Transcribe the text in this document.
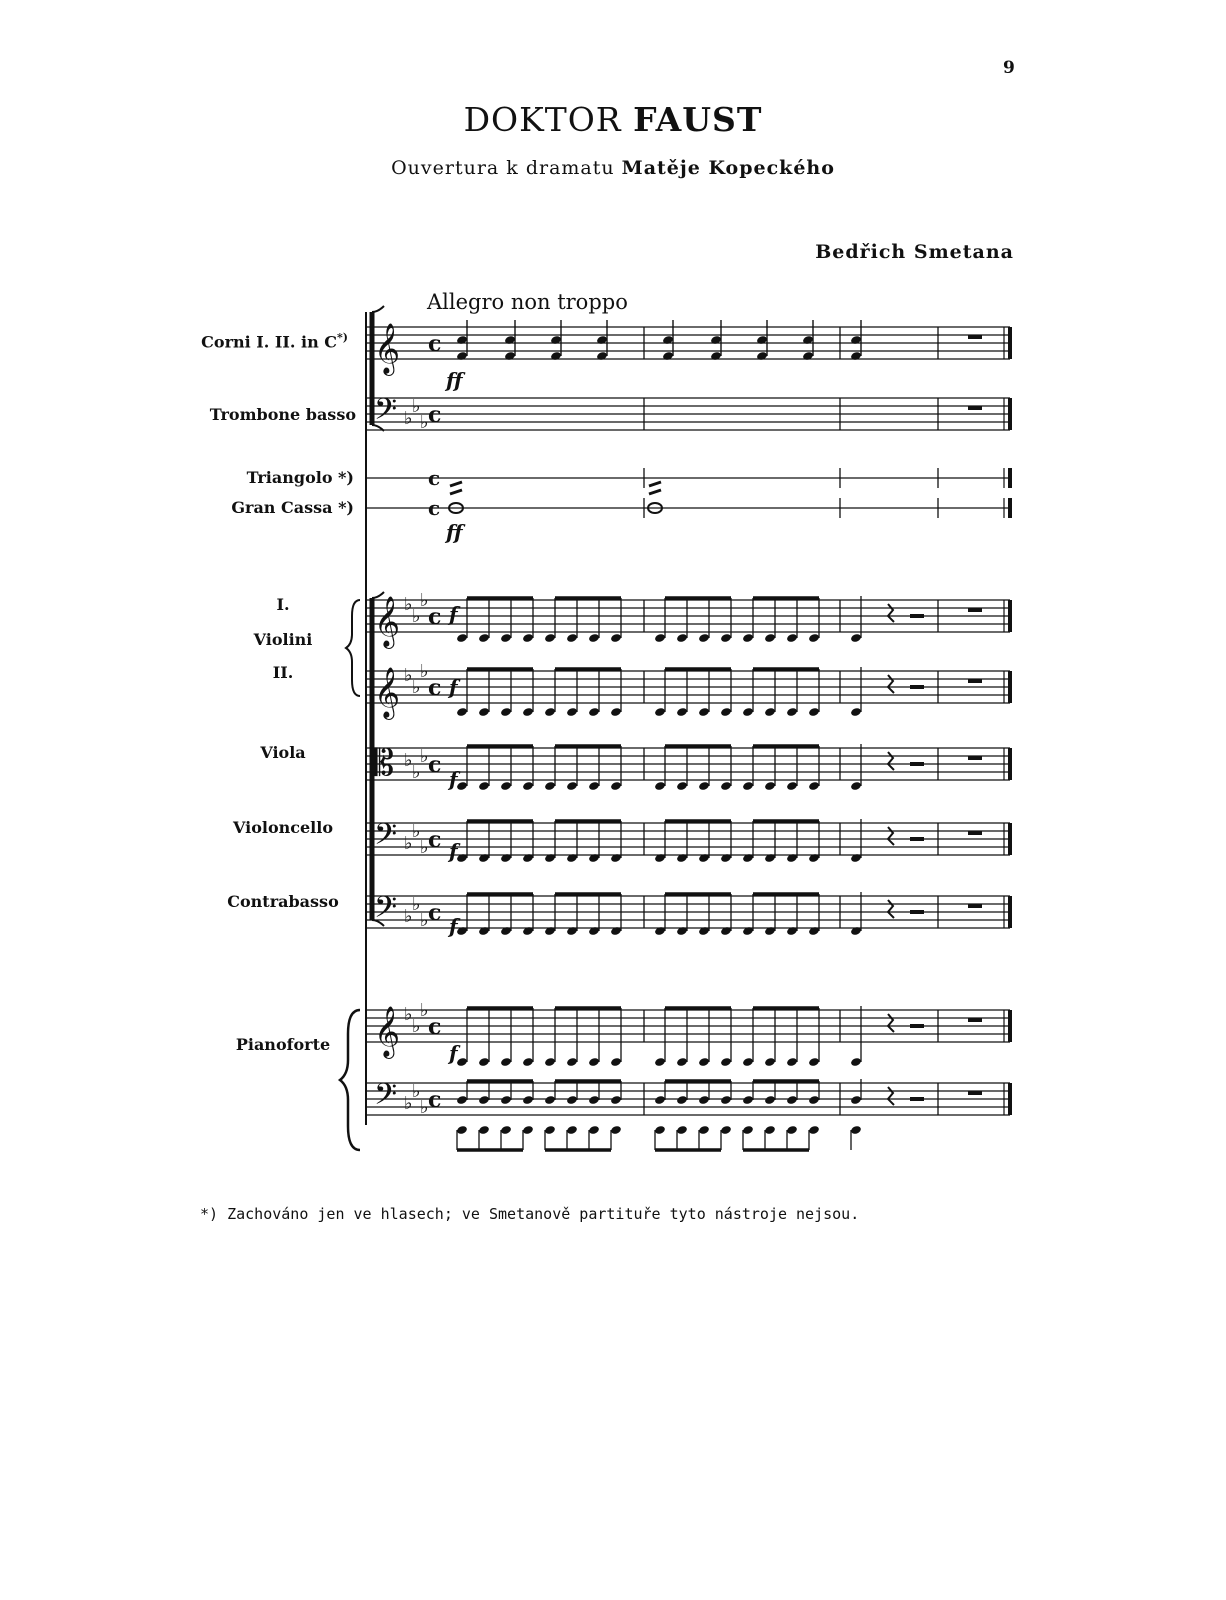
9
DOKTOR FAUST
Ouvertura k dramatu Matěje Kopeckého
Bedřich Smetana
Allegro non troppo
Corni I. II. in C*)
Trombone basso
Triangolo *)
Gran Cassa *)
I.
Violini
II.
Viola
Violoncello
Contrabasso
Pianoforte
ff
ff
f
f
f
f
f
f
𝄞 c
𝄢 ♭
♭
♭ c
𝄞 ♭
♭
♭
c
𝄞 ♭
♭
♭
c
𝄡 ♭
♭
♭ c
𝄢 ♭
♭
♭ c
𝄢 ♭
♭
♭ c
𝄞 ♭
♭
♭
c
𝄢 ♭
♭
♭ c
c
c
*) Zachováno jen ve hlasech; ve Smetanově partituře tyto nástroje nejsou.
